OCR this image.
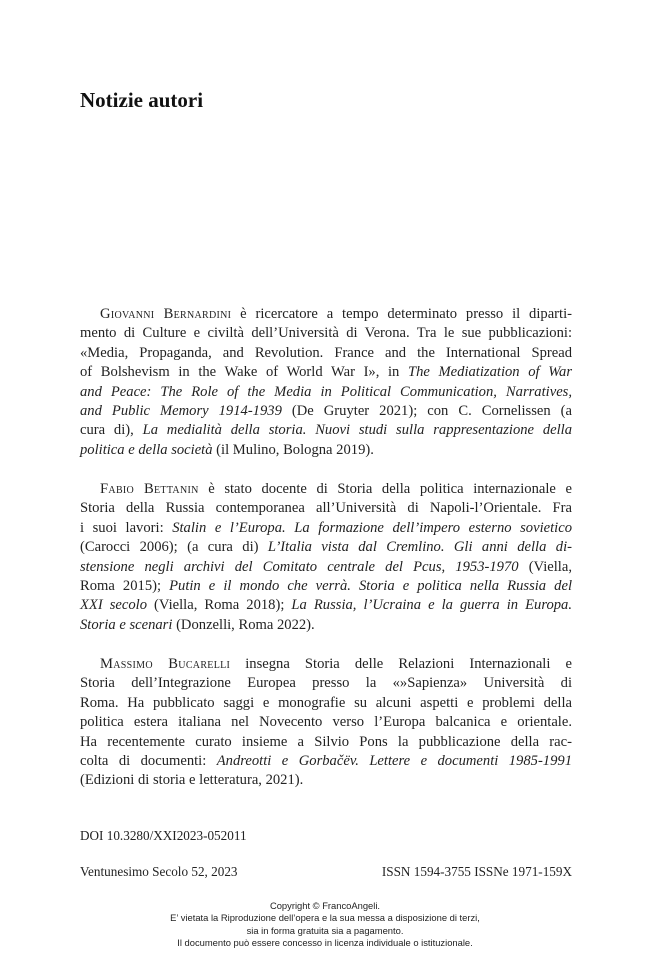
Notizie autori
Giovanni Bernardini è ricercatore a tempo determinato presso il diparti-
mento di Culture e civiltà dell’Università di Verona. Tra le sue pubblicazioni:
«Media, Propaganda, and Revolution. France and the International Spread
of Bolshevism in the Wake of World War I», in The Mediatization of War
and Peace: The Role of the Media in Political Communication, Narratives,
and Public Memory 1914-1939 (De Gruyter 2021); con C. Cornelissen (a
cura di), La medialità della storia. Nuovi studi sulla rappresentazione della
politica e della società (il Mulino, Bologna 2019).
Fabio Bettanin è stato docente di Storia della politica internazionale e
Storia della Russia contemporanea all’Università di Napoli-l’Orientale. Fra
i suoi lavori: Stalin e l’Europa. La formazione dell’impero esterno sovietico
(Carocci 2006); (a cura di) L’Italia vista dal Cremlino. Gli anni della di-
stensione negli archivi del Comitato centrale del Pcus, 1953-1970 (Viella,
Roma 2015); Putin e il mondo che verrà. Storia e politica nella Russia del
XXI secolo (Viella, Roma 2018); La Russia, l’Ucraina e la guerra in Europa.
Storia e scenari (Donzelli, Roma 2022).
Massimo Bucarelli insegna Storia delle Relazioni Internazionali e
Storia dell’Integrazione Europea presso la «»Sapienza» Università di
Roma. Ha pubblicato saggi e monografie su alcuni aspetti e problemi della
politica estera italiana nel Novecento verso l’Europa balcanica e orientale.
Ha recentemente curato insieme a Silvio Pons la pubblicazione della rac-
colta di documenti: Andreotti e Gorbačëv. Lettere e documenti 1985-1991
(Edizioni di storia e letteratura, 2021).
DOI 10.3280/XXI2023-052011
Ventunesimo Secolo 52, 2023	ISSN 1594-3755 ISSNe 1971-159X
Copyright © FrancoAngeli.
E’ vietata la Riproduzione dell’opera e la sua messa a disposizione di terzi,
sia in forma gratuita sia a pagamento.
Il documento può essere concesso in licenza individuale o istituzionale.
